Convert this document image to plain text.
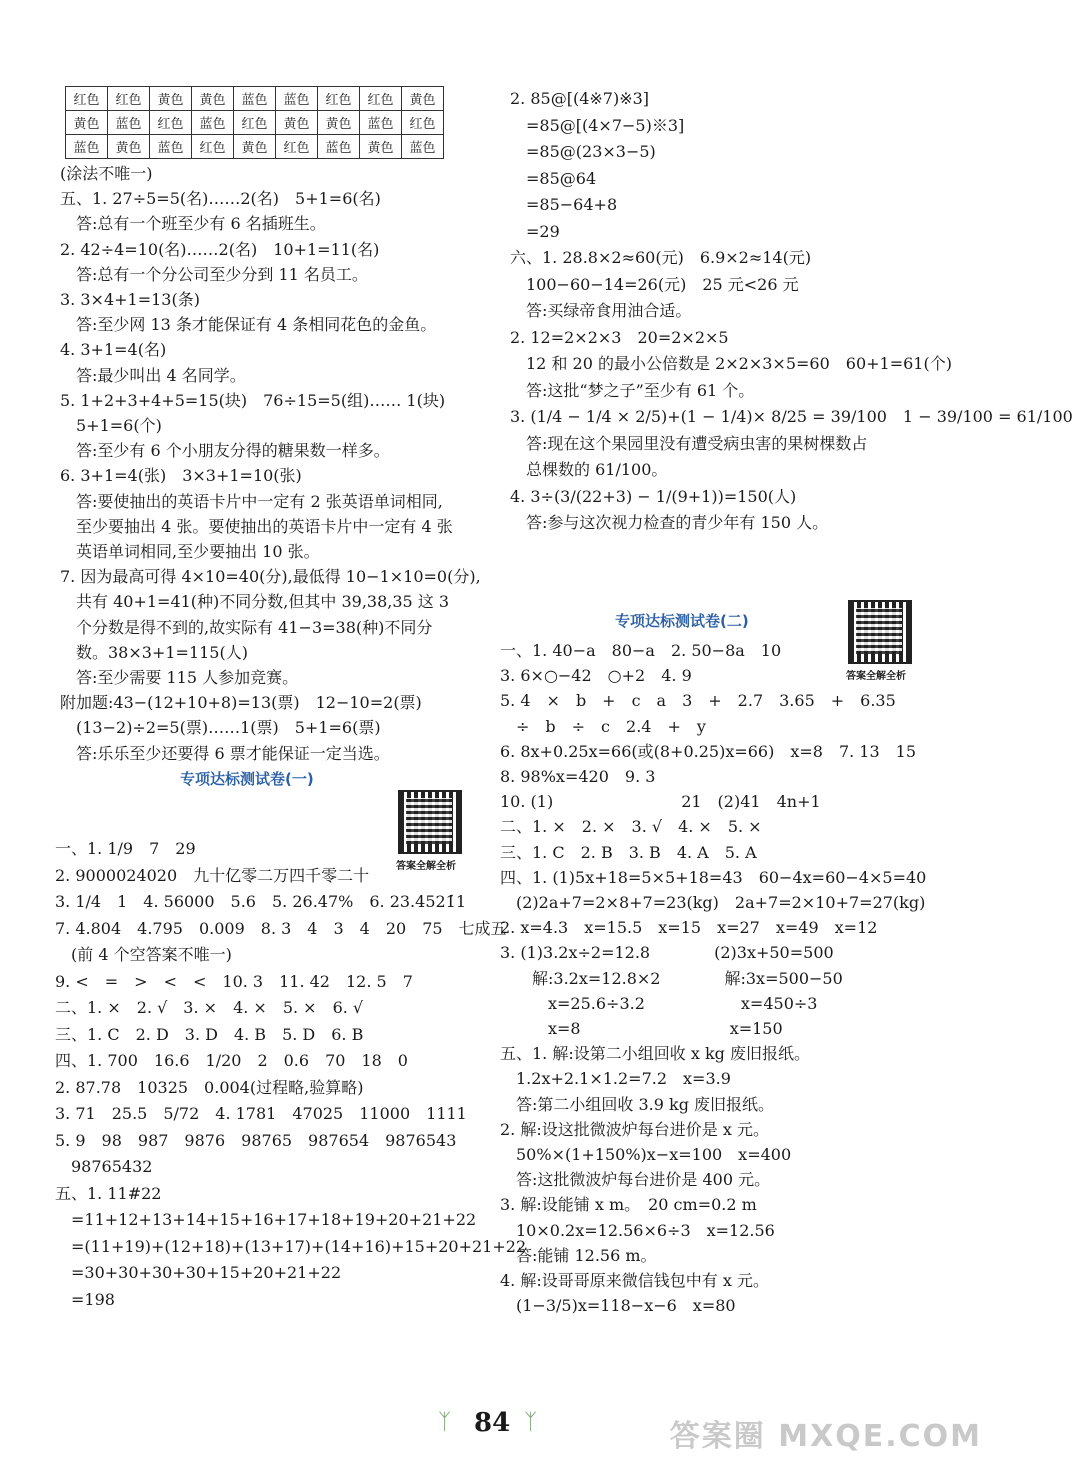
红色	红色	黄色	黄色	蓝色	蓝色	红色	红色	黄色
黄色	蓝色	红色	蓝色	红色	黄色	黄色	蓝色	红色
蓝色	黄色	蓝色	红色	黄色	红色	蓝色	黄色	蓝色
(涂法不唯一)
五、1. 27÷5=5(名)……2(名)　5+1=6(名)
　答:总有一个班至少有 6 名插班生。
2. 42÷4=10(名)……2(名)　10+1=11(名)
　答:总有一个分公司至少分到 11 名员工。
3. 3×4+1=13(条)
　答:至少网 13 条才能保证有 4 条相同花色的金鱼。
4. 3+1=4(名)
　答:最少叫出 4 名同学。
5. 1+2+3+4+5=15(块)　76÷15=5(组)…… 1(块)
　5+1=6(个)
　答:至少有 6 个小朋友分得的糖果数一样多。
6. 3+1=4(张)　3×3+1=10(张)
　答:要使抽出的英语卡片中一定有 2 张英语单词相同,
　至少要抽出 4 张。要使抽出的英语卡片中一定有 4 张
　英语单词相同,至少要抽出 10 张。
7. 因为最高可得 4×10=40(分),最低得 10−1×10=0(分),
　共有 40+1=41(种)不同分数,但其中 39,38,35 这 3
　个分数是得不到的,故实际有 41−3=38(种)不同分
　数。38×3+1=115(人)
　答:至少需要 115 人参加竞赛。
附加题:43−(12+10+8)=13(票)　12−10=2(票)
　(13−2)÷2=5(票)……1(票)　5+1=6(票)
　答:乐乐至少还要得 6 票才能保证一定当选。
专项达标测试卷(一)
答案全解全析
一、1. 1/9　7　29
2. 9000024020　九十亿零二万四千零二十
3. 1/4　1　4. 56000　5.6　5. 26.47%　6. 23.4521̇1
7. 4.804　4.795　0.009　8. 3　4　3　4　20　75　七成五
　(前 4 个空答案不唯一)
9. <　=　>　<　<　10. 3　11. 42　12. 5　7
二、1. ×　2. √　3. ×　4. ×　5. ×　6. √
三、1. C　2. D　3. D　4. B　5. D　6. B
四、1. 700　16.6　1/20　2　0.6　70　18　0
2. 87.78　10325　0.004(过程略,验算略)
3. 71　25.5　5/72　4. 1781　47025　11000　1111
5. 9　98　987　9876　98765　987654　9876543
　98765432
五、1. 11#22
　=11+12+13+14+15+16+17+18+19+20+21+22
　=(11+19)+(12+18)+(13+17)+(14+16)+15+20+21+22
　=30+30+30+30+15+20+21+22
　=198
2. 85@[(4※7)※3]
　=85@[(4×7−5)※3]
　=85@(23×3−5)
　=85@64
　=85−64+8
　=29
六、1. 28.8×2≈60(元)　6.9×2≈14(元)
　100−60−14=26(元)　25 元<26 元
　答:买绿帝食用油合适。
2. 12=2×2×3　20=2×2×5
　12 和 20 的最小公倍数是 2×2×3×5=60　60+1=61(个)
　答:这批“梦之子”至少有 61 个。
3. (1/4 − 1/4 × 2/5)+(1 − 1/4)× 8/25 = 39/100　1 − 39/100 = 61/100
　答:现在这个果园里没有遭受病虫害的果树棵数占
　总棵数的 61/100。
4. 3÷(3/(22+3) − 1/(9+1))=150(人)
　答:参与这次视力检查的青少年有 150 人。
专项达标测试卷(二)
答案全解全析
一、1. 40−a　80−a　2. 50−8a　10
3. 6×○−42　○+2　4. 9
5. 4　×　b　+　c　a　3　+　2.7　3.65　+　6.35
　÷　b　÷　c　2.4　+　y
6. 8x+0.25x=66(或(8+0.25)x=66)　x=8　7. 13　15
8. 98%x=420　9. 3
10. (1)　　　　　　　　21　(2)41　4n+1
二、1. ×　2. ×　3. √　4. ×　5. ×
三、1. C　2. B　3. B　4. A　5. A
四、1. (1)5x+18=5×5+18=43　60−4x=60−4×5=40
　(2)2a+7=2×8+7=23(kg)　2a+7=2×10+7=27(kg)
2. x=4.3　x=15.5　x=15　x=27　x=49　x=12
3. (1)3.2x÷2=12.8　　　　(2)3x+50=500
　　解:3.2x=12.8×2　　　　解:3x=500−50
　　　x=25.6÷3.2　　　　　　x=450÷3
　　　x=8　　　　　　　　　 x=150
五、1. 解:设第二小组回收 x kg 废旧报纸。
　1.2x+2.1×1.2=7.2　x=3.9
　答:第二小组回收 3.9 kg 废旧报纸。
2. 解:设这批微波炉每台进价是 x 元。
　50%×(1+150%)x−x=100　x=400
　答:这批微波炉每台进价是 400 元。
3. 解:设能铺 x m。　20 cm=0.2 m
　10×0.2x=12.56×6÷3　x=12.56
　答:能铺 12.56 m。
4. 解:设哥哥原来微信钱包中有 x 元。
　(1−3/5)x=118−x−6　x=80
ᛉ 84 ᛉ	答案圈 MXQE.COM
